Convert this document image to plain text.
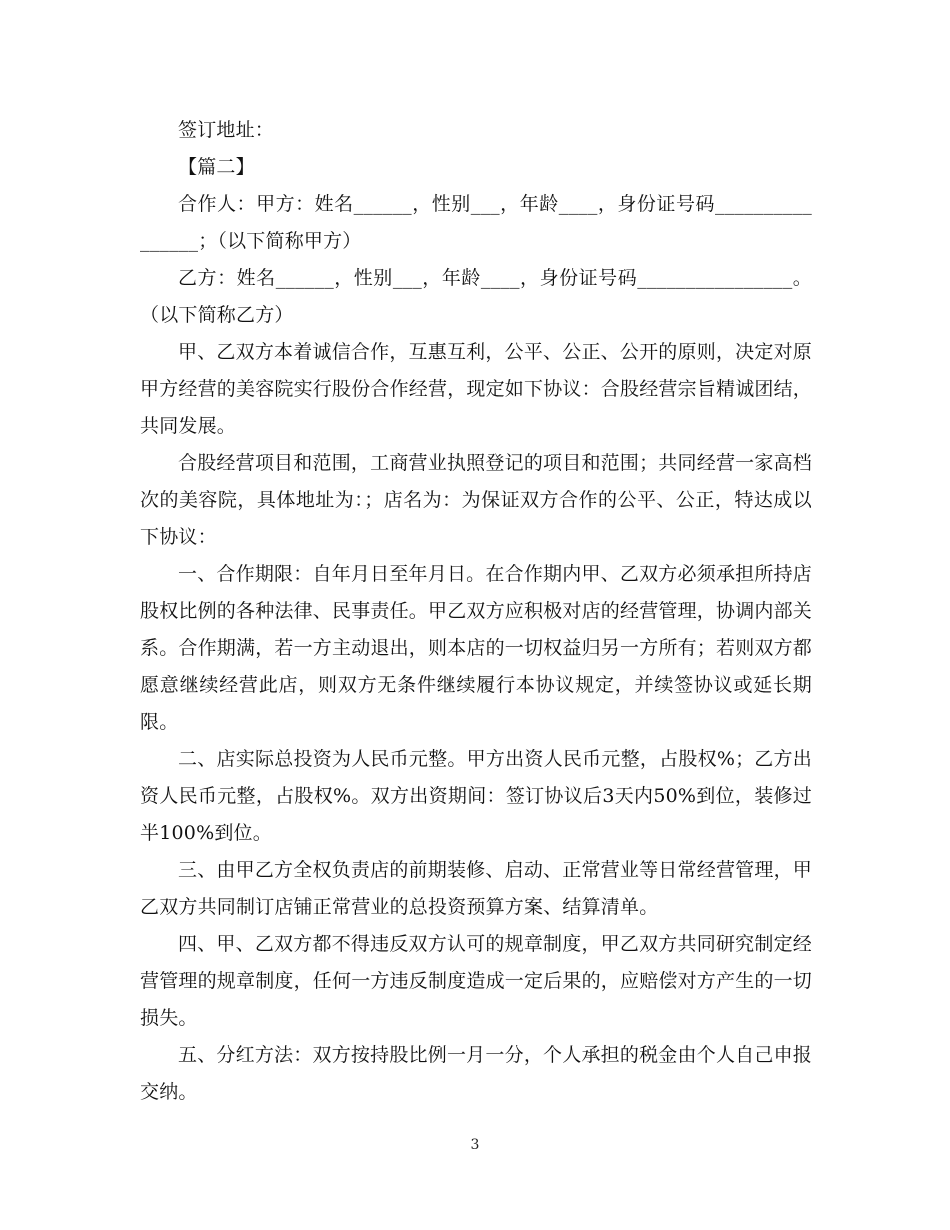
签订地址：

【篇二】

合作人：甲方：姓名______，性别___，年龄____，身份证号码________________；（以下简称甲方）

乙方：姓名______，性别___，年龄____，身份证号码________________。（以下简称乙方）

甲、乙双方本着诚信合作，互惠互利，公平、公正、公开的原则，决定对原甲方经营的美容院实行股份合作经营，现定如下协议：合股经营宗旨精诚团结，共同发展。

合股经营项目和范围，工商营业执照登记的项目和范围；共同经营一家高档次的美容院，具体地址为：；店名为：为保证双方合作的公平、公正，特达成以下协议：

一、合作期限：自年月日至年月日。在合作期内甲、乙双方必须承担所持店股权比例的各种法律、民事责任。甲乙双方应积极对店的经营管理，协调内部关系。合作期满，若一方主动退出，则本店的一切权益归另一方所有；若则双方都愿意继续经营此店，则双方无条件继续履行本协议规定，并续签协议或延长期限。

二、店实际总投资为人民币元整。甲方出资人民币元整，占股权%；乙方出资人民币元整，占股权%。双方出资期间：签订协议后3天内50%到位，装修过半100%到位。

三、由甲乙方全权负责店的前期装修、启动、正常营业等日常经营管理，甲乙双方共同制订店铺正常营业的总投资预算方案、结算清单。

四、甲、乙双方都不得违反双方认可的规章制度，甲乙双方共同研究制定经营管理的规章制度，任何一方违反制度造成一定后果的，应赔偿对方产生的一切损失。

五、分红方法：双方按持股比例一月一分，个人承担的税金由个人自己申报交纳。

3
